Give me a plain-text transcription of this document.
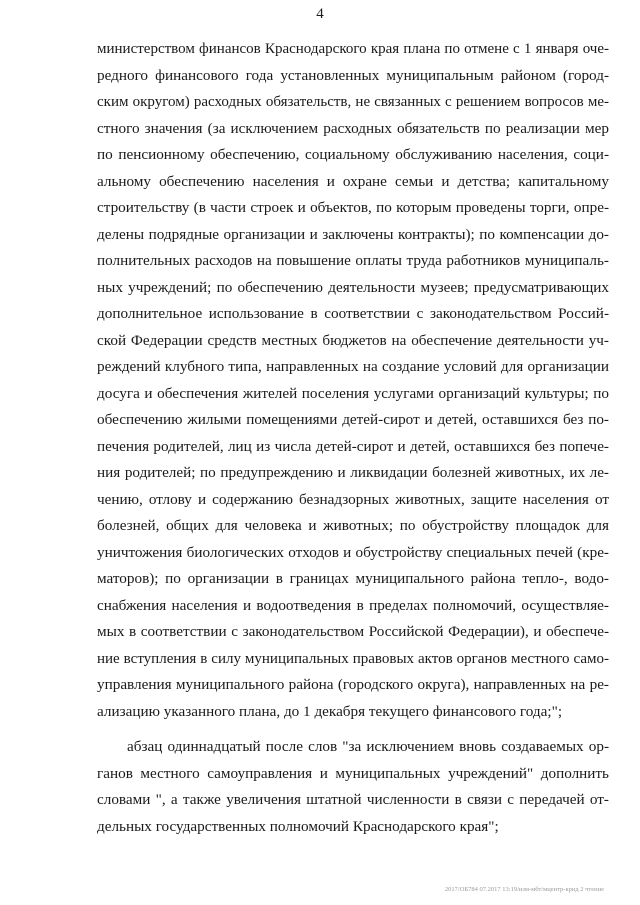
4
министерством финансов Краснодарского края плана по отмене с 1 января оче-
редного финансового года установленных муниципальным районом (город-
ским округом) расходных обязательств, не связанных с решением вопросов ме-
стного значения (за исключением расходных обязательств по реализации мер
по пенсионному обеспечению, социальному обслуживанию населения, соци-
альному обеспечению населения и охране семьи и детства; капитальному
строительству (в части строек и объектов, по которым проведены торги, опре-
делены подрядные организации и заключены контракты); по компенсации до-
полнительных расходов на повышение оплаты труда работников муниципаль-
ных учреждений; по обеспечению деятельности музеев; предусматривающих
дополнительное использование в соответствии с законодательством Россий-
ской Федерации средств местных бюджетов на обеспечение деятельности уч-
реждений клубного типа, направленных на создание условий для организации
досуга и обеспечения жителей поселения услугами организаций культуры; по
обеспечению жилыми помещениями детей-сирот и детей, оставшихся без по-
печения родителей, лиц из числа детей-сирот и детей, оставшихся без попече-
ния родителей; по предупреждению и ликвидации болезней животных, их ле-
чению, отлову и содержанию безнадзорных животных, защите населения от
болезней, общих для человека и животных; по обустройству площадок для
уничтожения биологических отходов и обустройству специальных печей (кре-
маторов); по организации в границах муниципального района тепло-, водо-
снабжения населения и водоотведения в пределах полномочий, осуществляе-
мых в соответствии с законодательством Российской Федерации), и обеспече-
ние вступления в силу муниципальных правовых актов органов местного само-
управления муниципального района (городского округа), направленных на ре-
ализацию указанного плана, до 1 декабря текущего финансового года;";
абзац одиннадцатый после слов "за исключением вновь создаваемых ор-
ганов местного самоуправления и муниципальных учреждений" дополнить
словами ", а также увеличения штатной численности в связи с передачей от-
дельных государственных полномочий Краснодарского края";
2017/ОБ784 07.2017 13:19/изм-мбт/мцентр-крнд 2 чтение
